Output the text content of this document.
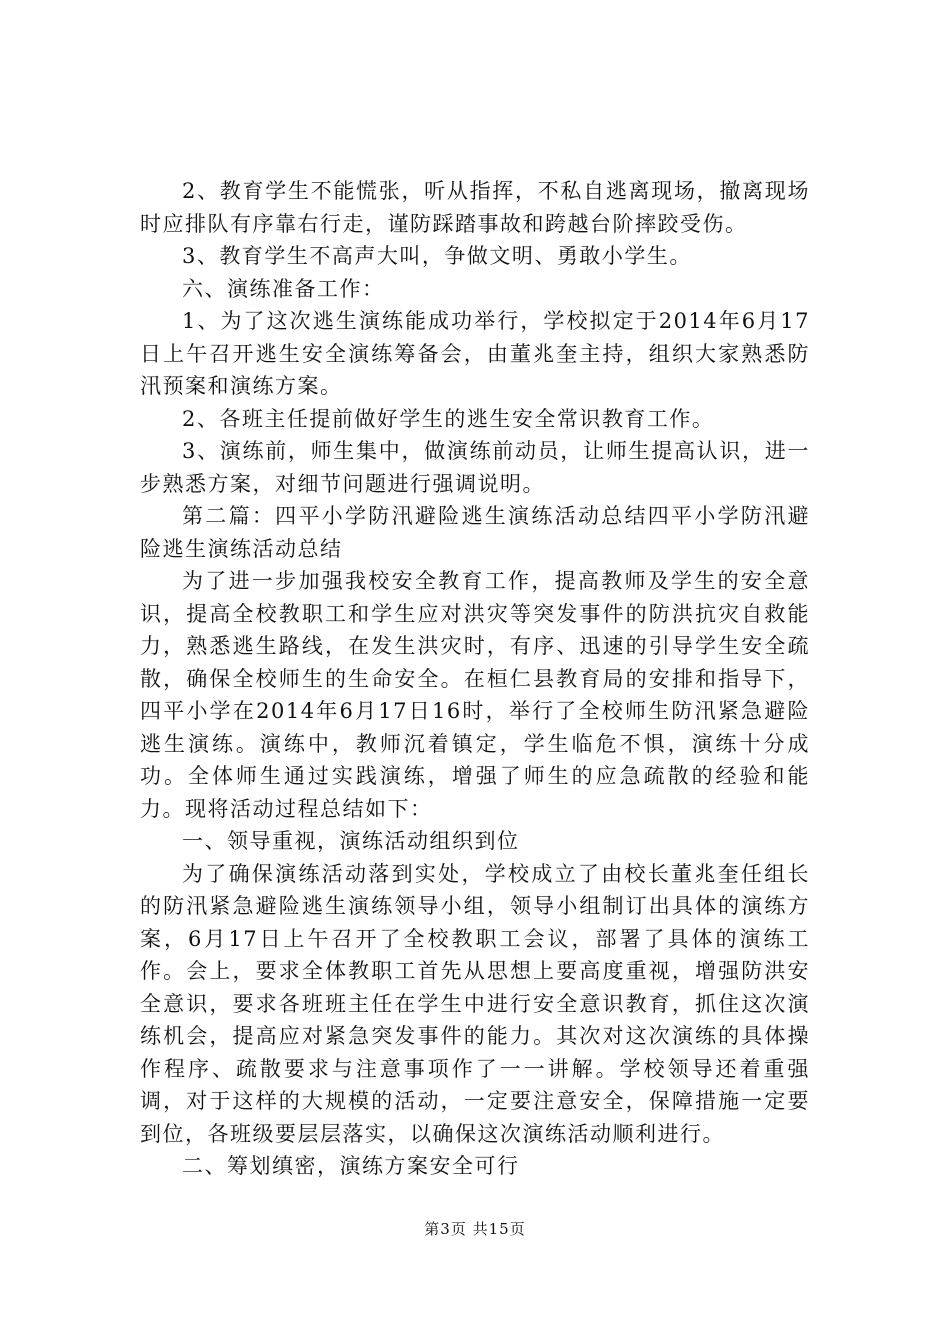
2、教育学生不能慌张，听从指挥，不私自逃离现场，撤离现场时应排队有序靠右行走，谨防踩踏事故和跨越台阶摔跤受伤。

3、教育学生不高声大叫，争做文明、勇敢小学生。

六、演练准备工作：

1、为了这次逃生演练能成功举行，学校拟定于2014年6月17日上午召开逃生安全演练筹备会，由董兆奎主持，组织大家熟悉防汛预案和演练方案。

2、各班主任提前做好学生的逃生安全常识教育工作。

3、演练前，师生集中，做演练前动员，让师生提高认识，进一步熟悉方案，对细节问题进行强调说明。

第二篇：四平小学防汛避险逃生演练活动总结四平小学防汛避险逃生演练活动总结

为了进一步加强我校安全教育工作，提高教师及学生的安全意识，提高全校教职工和学生应对洪灾等突发事件的防洪抗灾自救能力，熟悉逃生路线，在发生洪灾时，有序、迅速的引导学生安全疏散，确保全校师生的生命安全。在桓仁县教育局的安排和指导下，四平小学在2014年6月17日16时，举行了全校师生防汛紧急避险逃生演练。演练中，教师沉着镇定，学生临危不惧，演练十分成功。全体师生通过实践演练，增强了师生的应急疏散的经验和能力。现将活动过程总结如下：

一、领导重视，演练活动组织到位

为了确保演练活动落到实处，学校成立了由校长董兆奎任组长的防汛紧急避险逃生演练领导小组，领导小组制订出具体的演练方案，6月17日上午召开了全校教职工会议，部署了具体的演练工作。会上，要求全体教职工首先从思想上要高度重视，增强防洪安全意识，要求各班班主任在学生中进行安全意识教育，抓住这次演练机会，提高应对紧急突发事件的能力。其次对这次演练的具体操作程序、疏散要求与注意事项作了一一讲解。学校领导还着重强调，对于这样的大规模的活动，一定要注意安全，保障措施一定要到位，各班级要层层落实，以确保这次演练活动顺利进行。

二、筹划缜密，演练方案安全可行

第3页 共15页
